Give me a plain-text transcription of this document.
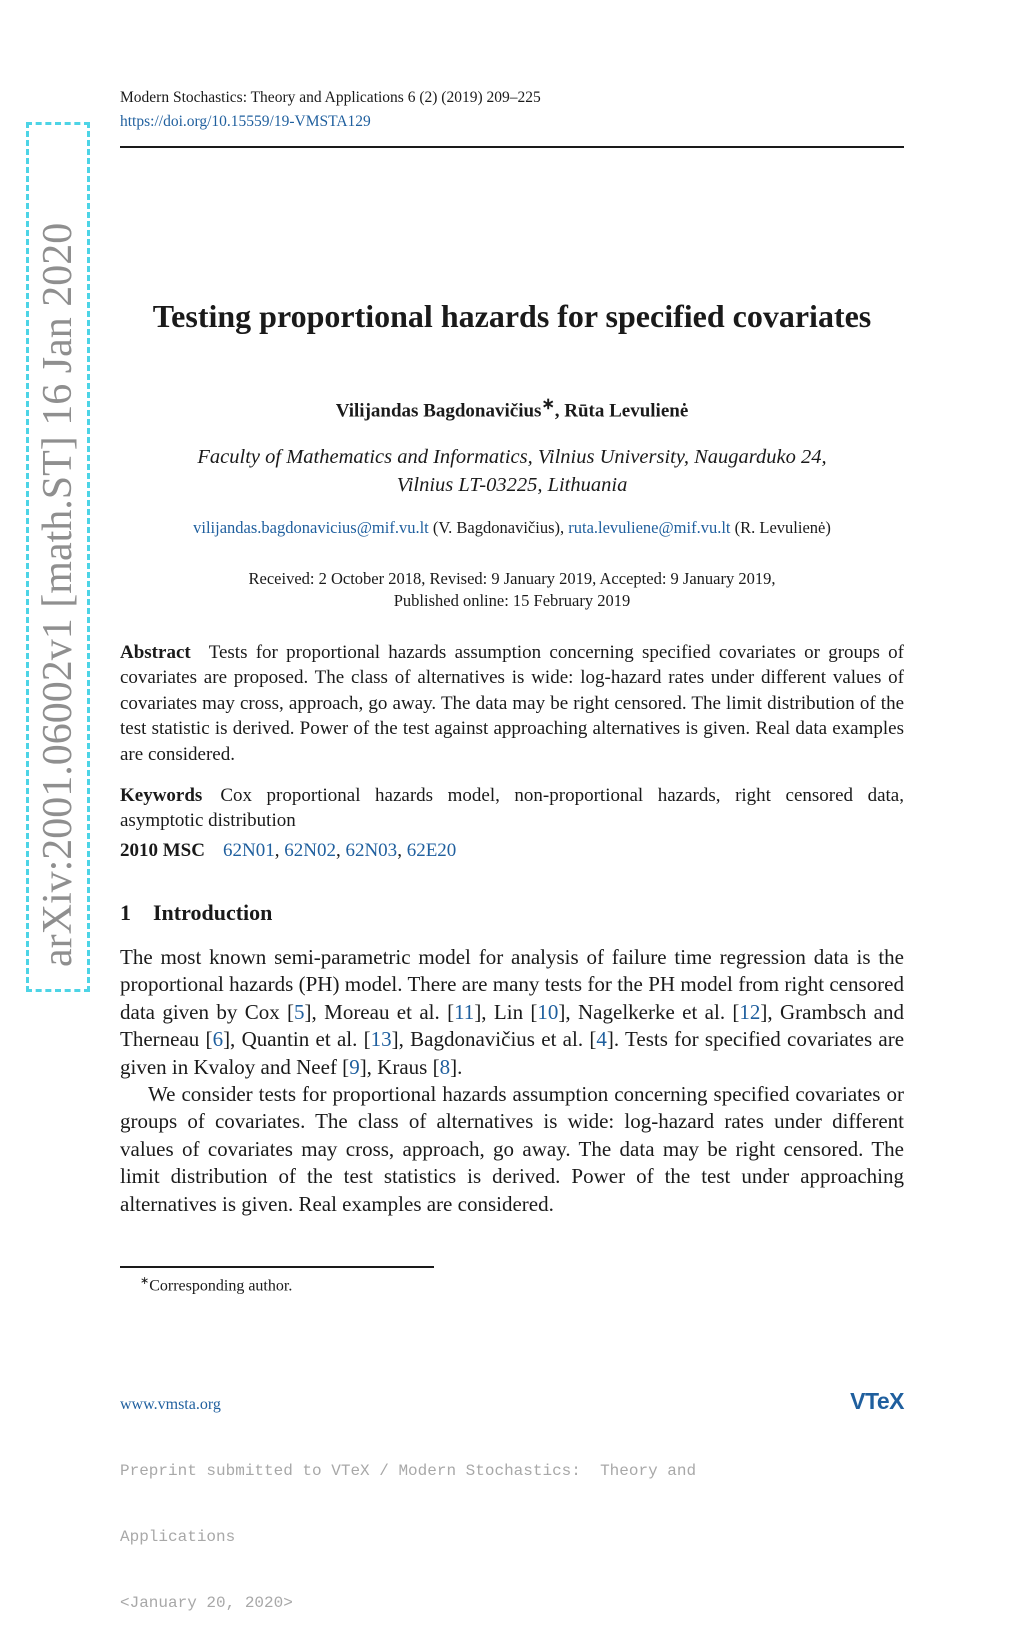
Modern Stochastics: Theory and Applications 6 (2) (2019) 209–225
https://doi.org/10.15559/19-VMSTA129
arXiv:2001.06002v1 [math.ST] 16 Jan 2020	Testing proportional hazards for specified covariates
Vilijandas Bagdonavičius∗, Rūta Levulienė
Faculty of Mathematics and Informatics, Vilnius University, Naugarduko 24,
Vilnius LT-03225, Lithuania
vilijandas.bagdonavicius@mif.vu.lt (V. Bagdonavičius), ruta.levuliene@mif.vu.lt (R. Levulienė)
Received: 2 October 2018, Revised: 9 January 2019, Accepted: 9 January 2019,
Published online: 15 February 2019
Abstract Tests for proportional hazards assumption concerning specified covariates or groups of covariates are proposed. The class of alternatives is wide: log-hazard rates under different values of covariates may cross, approach, go away. The data may be right censored. The limit distribution of the test statistic is derived. Power of the test against approaching alternatives is given. Real data examples are considered.
Keywords Cox proportional hazards model, non-proportional hazards, right censored data, asymptotic distribution
2010 MSC 62N01, 62N02, 62N03, 62E20
1 Introduction

The most known semi-parametric model for analysis of failure time regression data is the proportional hazards (PH) model. There are many tests for the PH model from right censored data given by Cox [5], Moreau et al. [11], Lin [10], Nagelkerke et al. [12], Grambsch and Therneau [6], Quantin et al. [13], Bagdonavičius et al. [4]. Tests for specified covariates are given in Kvaloy and Neef [9], Kraus [8].

We consider tests for proportional hazards assumption concerning specified covariates or groups of covariates. The class of alternatives is wide: log-hazard rates under different values of covariates may cross, approach, go away. The data may be right censored. The limit distribution of the test statistics is derived. Power of the test under approaching alternatives is given. Real examples are considered.

∗Corresponding author.
www.vmsta.org	VTeX

Preprint submitted to VTeX / Modern Stochastics:  Theory and

Applications

<January 20, 2020>
